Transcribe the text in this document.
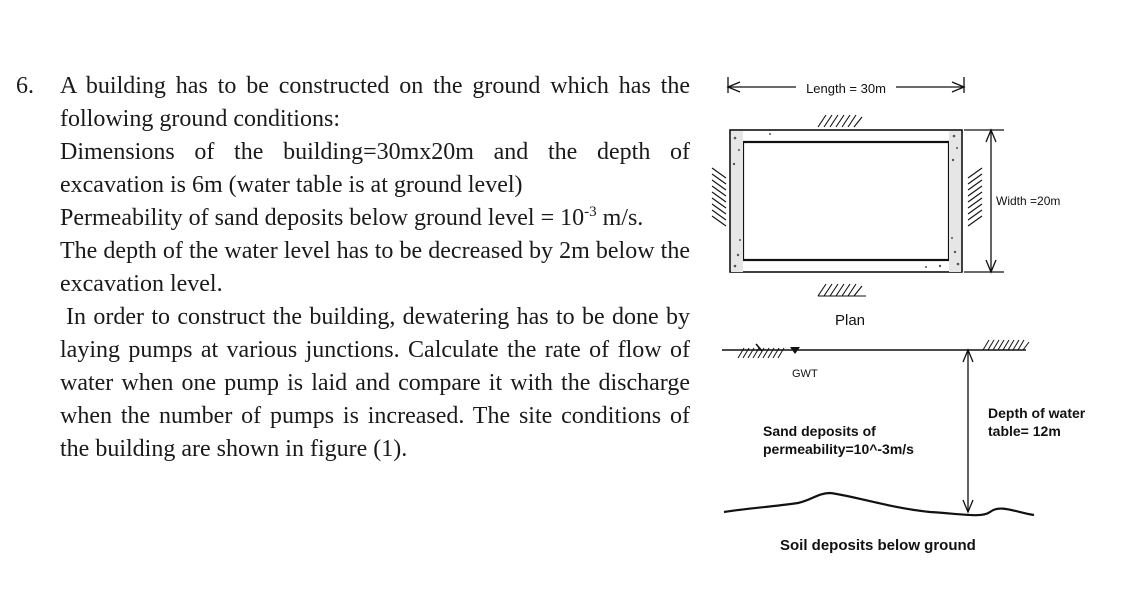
6. A building has to be constructed on the ground which has the following ground conditions:

Dimensions of the building=30mx20m and the depth of excavation is 6m (water table is at ground level)

Permeability of sand deposits below ground level = $10^{-3}$ m/s.

The depth of the water level has to be decreased by 2m below the excavation level.

In order to construct the building, dewatering has to be done by laying pumps at various junctions. Calculate the rate of flow of water when one pump is laid and compare it with the discharge when the number of pumps is increased. The site conditions of the building are shown in figure (1).

Length = 30m
Width =20m
Plan
GWT
Sand deposits of
permeability=10^-3m/s
Depth of water
table= 12m
Soil deposits below ground
